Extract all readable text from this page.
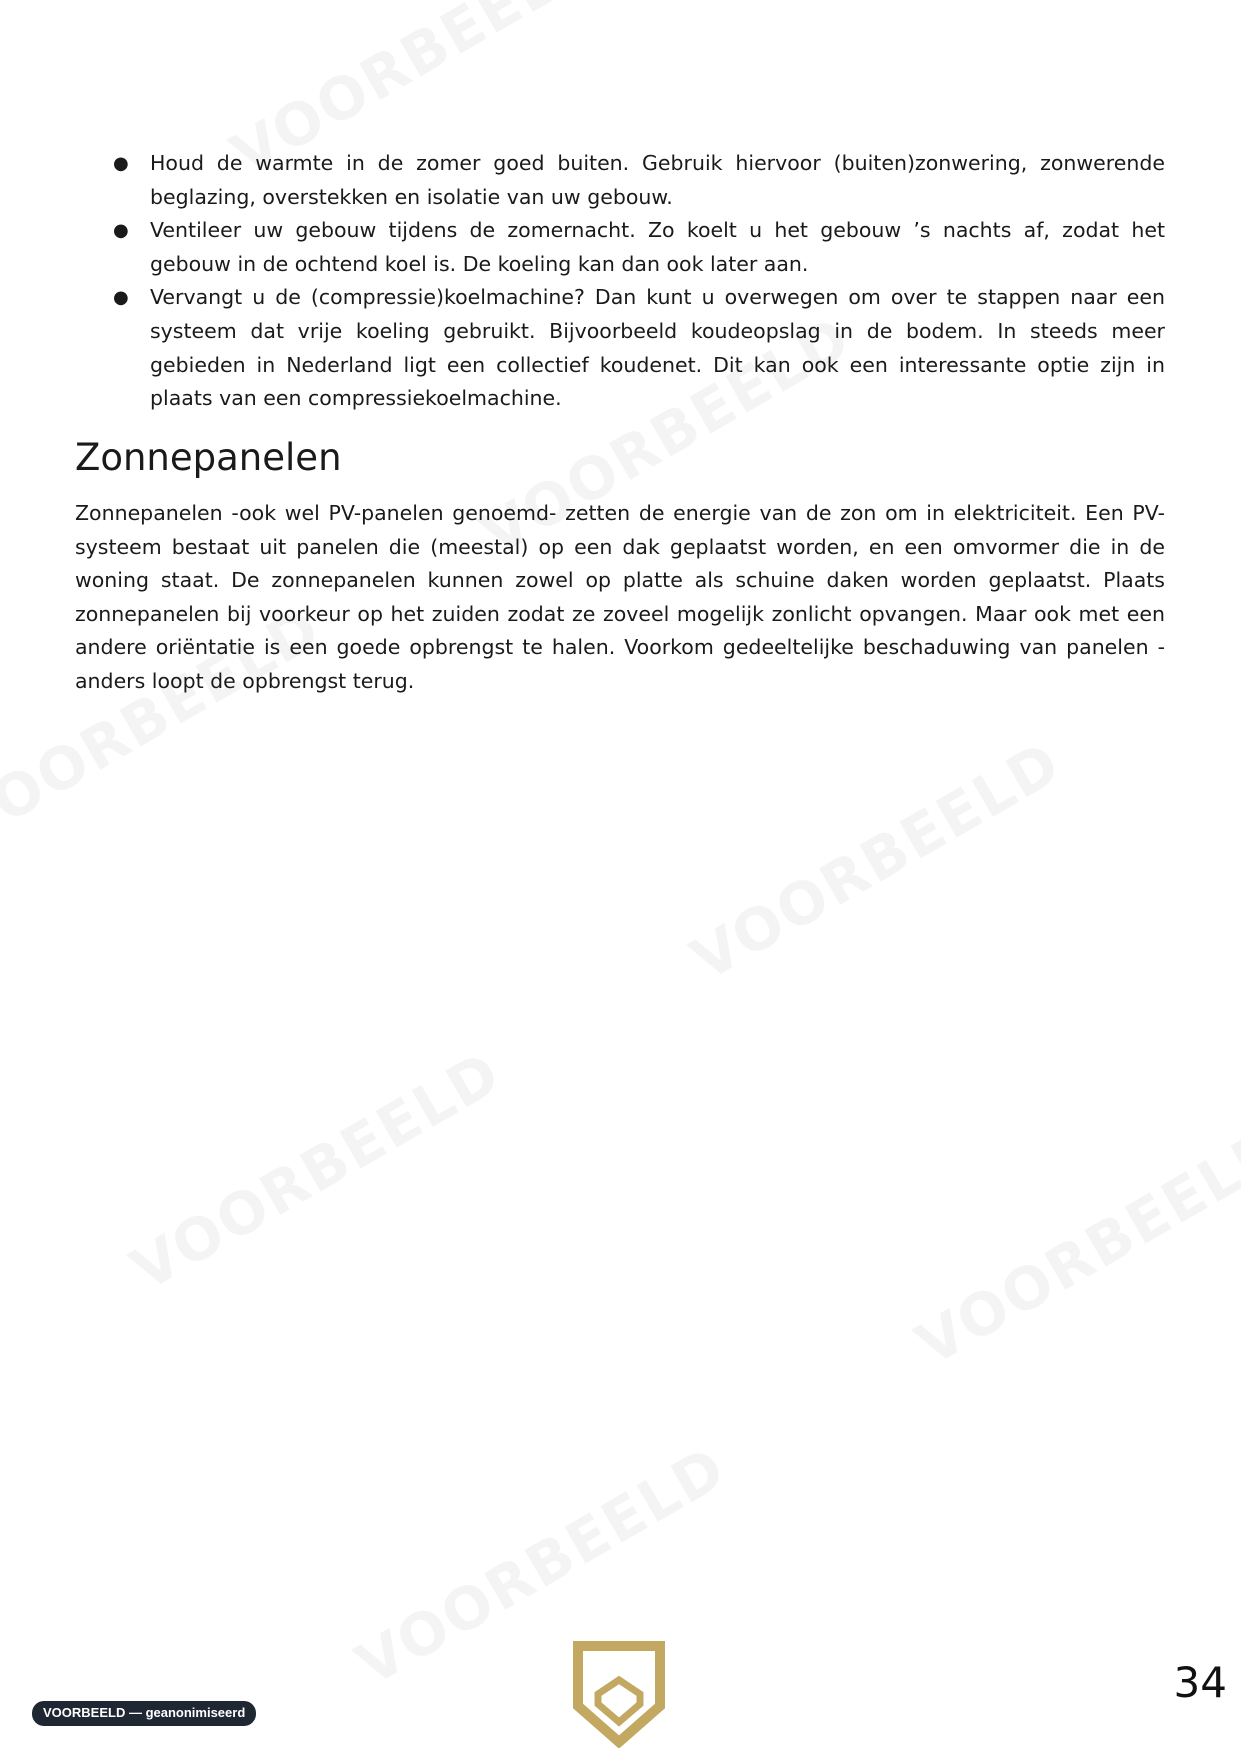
● Houd de warmte in de zomer goed buiten. Gebruik hiervoor (buiten)zonwering, zonwerende beglazing, overstekken en isolatie van uw gebouw.
● Ventileer uw gebouw tijdens de zomernacht. Zo koelt u het gebouw ’s nachts af, zodat het gebouw in de ochtend koel is. De koeling kan dan ook later aan.
● Vervangt u de (compressie)koelmachine? Dan kunt u overwegen om over te stappen naar een systeem dat vrije koeling gebruikt. Bijvoorbeeld koudeopslag in de bodem. In steeds meer gebieden in Nederland ligt een collectief koudenet. Dit kan ook een interessante optie zijn in plaats van een compressiekoelmachine.
Zonnepanelen

Zonnepanelen -ook wel PV-panelen genoemd- zetten de energie van de zon om in elektriciteit. Een PV-systeem bestaat uit panelen die (meestal) op een dak geplaatst worden, en een omvormer die in de woning staat. De zonnepanelen kunnen zowel op platte als schuine daken worden geplaatst. Plaats zonnepanelen bij voorkeur op het zuiden zodat ze zoveel mogelijk zonlicht opvangen. Maar ook met een andere oriëntatie is een goede opbrengst te halen. Voorkom gedeeltelijke beschaduwing van panelen - anders loopt de opbrengst terug.

VOORBEELD — geanonimiseerd
34
